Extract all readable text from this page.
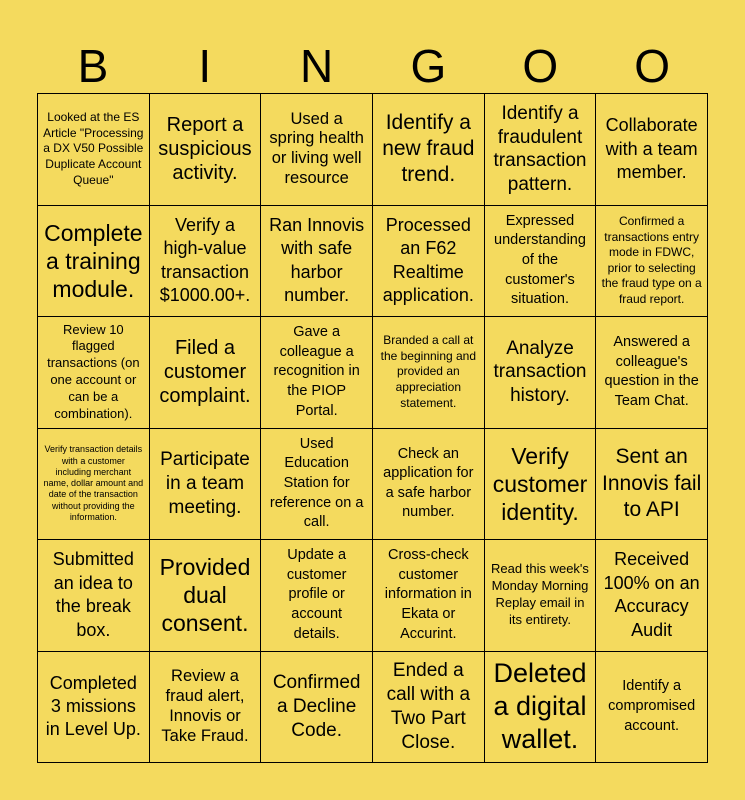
B	I	N	G	O	O
Looked at the ES Article "Processing a DX V50 Possible Duplicate Account Queue"
Report a suspicious activity.
Used a spring health or living well resource
Identify a new fraud trend.
Identify a fraudulent transaction pattern.
Collaborate with a team member.
Complete a training module.
Verify a high-value transaction $1000.00+.
Ran Innovis with safe harbor number.
Processed an F62 Realtime application.
Expressed understanding of the customer's situation.
Confirmed a transactions entry mode in FDWC, prior to selecting the fraud type on a fraud report.
Review 10 flagged transactions (on one account or can be a combination).
Filed a customer complaint.
Gave a colleague a recognition in the PIOP Portal.
Branded a call at the beginning and provided an appreciation statement.
Analyze transaction history.
Answered a colleague's question in the Team Chat.
Verify transaction details with a customer including merchant name, dollar amount and date of the transaction without providing the information.
Participate in a team meeting.
Used Education Station for reference on a call.
Check an application for a safe harbor number.
Verify customer identity.
Sent an Innovis fail to API
Submitted an idea to the break box.
Provided dual consent.
Update a customer profile or account details.
Cross-check customer information in Ekata or Accurint.
Read this week's Monday Morning Replay email in its entirety.
Received 100% on an Accuracy Audit
Completed 3 missions in Level Up.
Review a fraud alert, Innovis or Take Fraud.
Confirmed a Decline Code.
Ended a call with a Two Part Close.
Deleted a digital wallet.
Identify a compromised account.
